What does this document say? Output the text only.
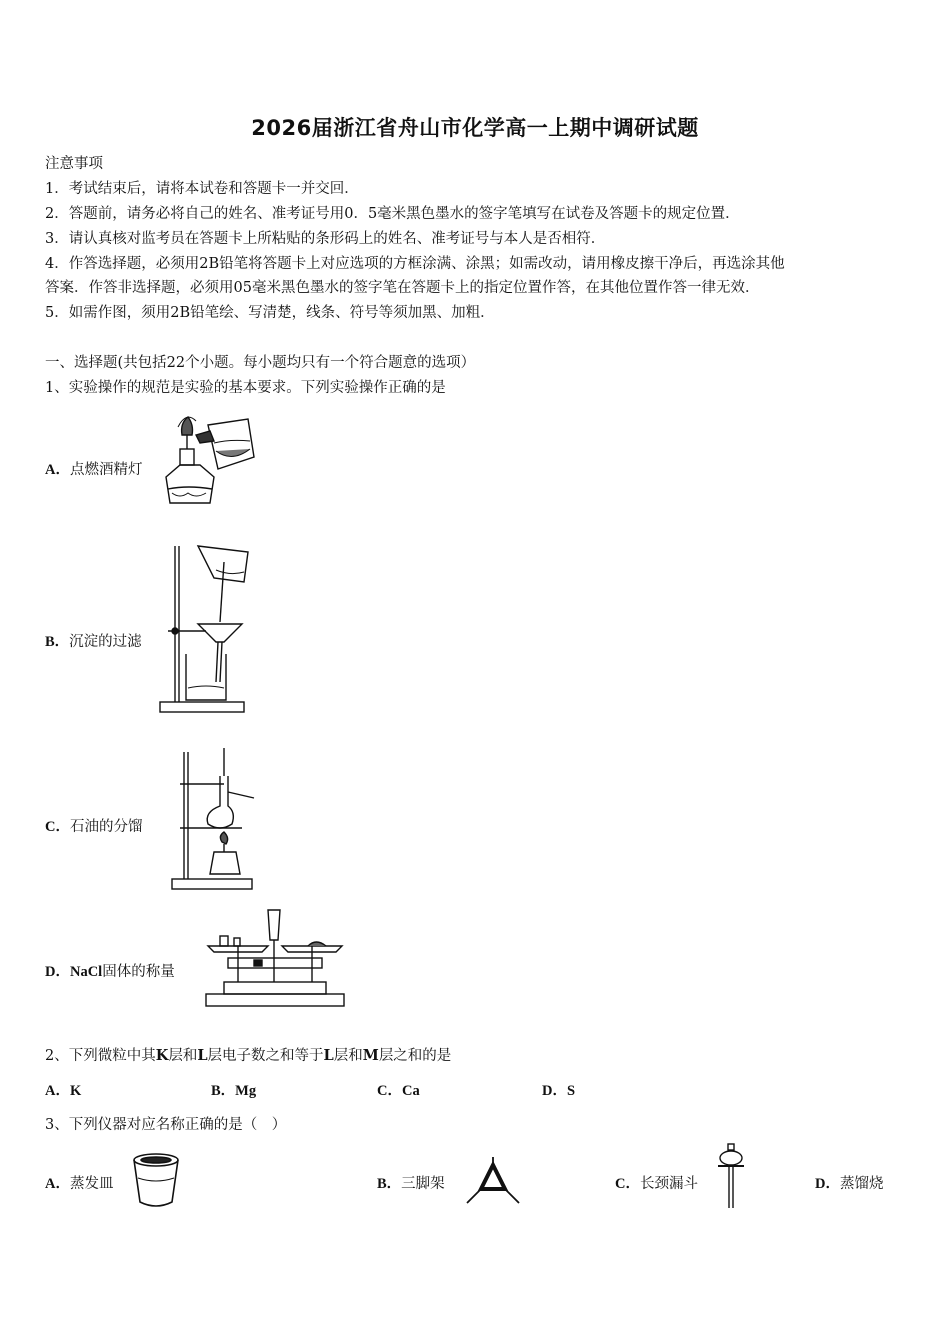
2026届浙江省舟山市化学高一上期中调研试题
注意事项
1．考试结束后，请将本试卷和答题卡一并交回．
2．答题前，请务必将自己的姓名、准考证号用0．5毫米黑色墨水的签字笔填写在试卷及答题卡的规定位置．
3．请认真核对监考员在答题卡上所粘贴的条形码上的姓名、准考证号与本人是否相符．
4．作答选择题，必须用2B铅笔将答题卡上对应选项的方框涂满、涂黑；如需改动，请用橡皮擦干净后，再选涂其他
答案．作答非选择题，必须用05毫米黑色墨水的签字笔在答题卡上的指定位置作答，在其他位置作答一律无效．
5．如需作图，须用2B铅笔绘、写清楚，线条、符号等须加黑、加粗．
一、选择题(共包括22个小题。每小题均只有一个符合题意的选项）
1、实验操作的规范是实验的基本要求。下列实验操作正确的是
A．点燃酒精灯
B．沉淀的过滤
C．石油的分馏
D．NaCl固体的称量
2、下列微粒中其K层和L层电子数之和等于L层和M层之和的是
A．K	B．Mg	C．Ca	D．S
3、下列仪器对应名称正确的是（　）
A．蒸发皿	B．三脚架	C．长颈漏斗	D．蒸馏烧
